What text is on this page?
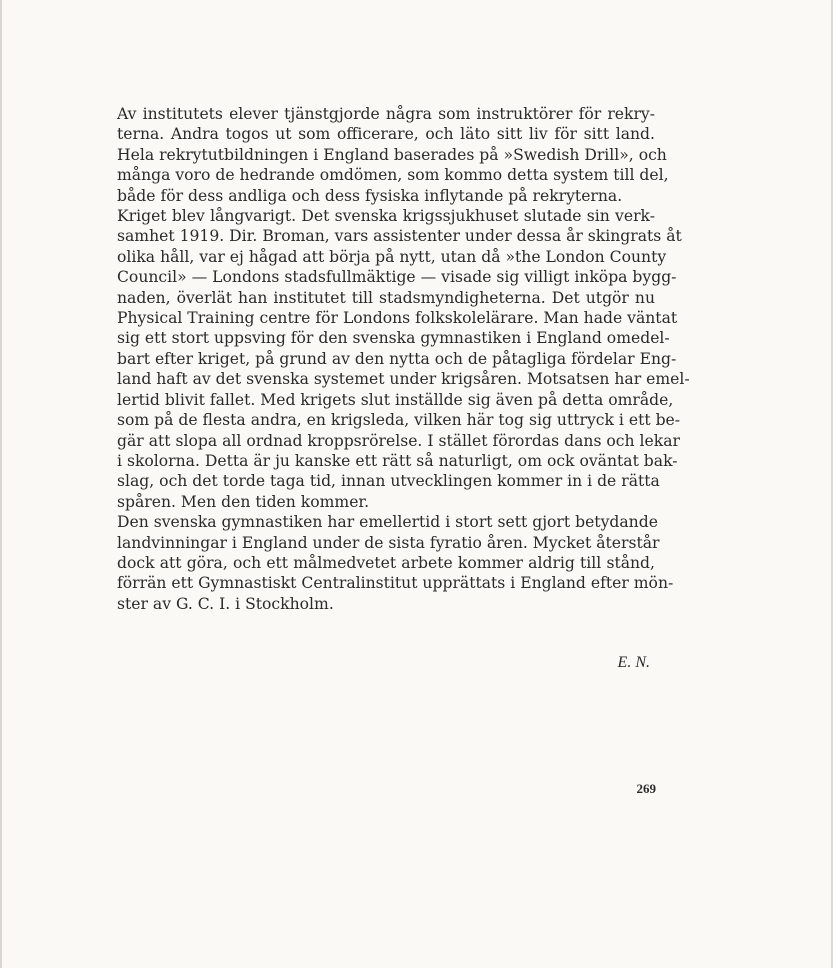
Av institutets elever tjänstgjorde några som instruktörer för rekry-
terna. Andra togos ut som officerare, och läto sitt liv för sitt land.
Hela rekrytutbildningen i England baserades på »Swedish Drill», och
många voro de hedrande omdömen, som kommo detta system till del,
både för dess andliga och dess fysiska inflytande på rekryterna.
Kriget blev långvarigt. Det svenska krigssjukhuset slutade sin verk-
samhet 1919. Dir. Broman, vars assistenter under dessa år skingrats åt
olika håll, var ej hågad att börja på nytt, utan då »the London County
Council» — Londons stadsfullmäktige — visade sig villigt inköpa bygg-
naden, överlät han institutet till stadsmyndigheterna. Det utgör nu
Physical Training centre för Londons folkskolelärare. Man hade väntat
sig ett stort uppsving för den svenska gymnastiken i England omedel-
bart efter kriget, på grund av den nytta och de påtagliga fördelar Eng-
land haft av det svenska systemet under krigsåren. Motsatsen har emel-
lertid blivit fallet. Med krigets slut inställde sig även på detta område,
som på de flesta andra, en krigsleda, vilken här tog sig uttryck i ett be-
gär att slopa all ordnad kroppsrörelse. I stället förordas dans och lekar
i skolorna. Detta är ju kanske ett rätt så naturligt, om ock oväntat bak-
slag, och det torde taga tid, innan utvecklingen kommer in i de rätta
spåren. Men den tiden kommer.
Den svenska gymnastiken har emellertid i stort sett gjort betydande
landvinningar i England under de sista fyratio åren. Mycket återstår
dock att göra, och ett målmedvetet arbete kommer aldrig till stånd,
förrän ett Gymnastiskt Centralinstitut upprättats i England efter mön-
ster av G. C. I. i Stockholm.
E. N.
269
